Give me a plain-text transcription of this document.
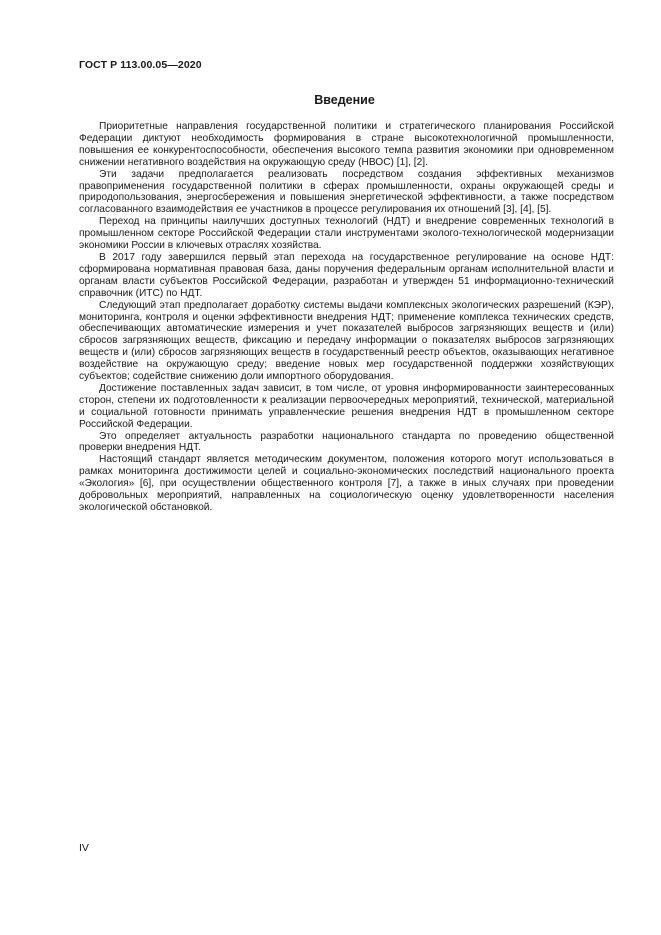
ГОСТ Р 113.00.05—2020
Введение

Приоритетные направления государственной политики и стратегического планирования Российской Федерации диктуют необходимость формирования в стране высокотехнологичной промышленности, повышения ее конкурентоспособности, обеспечения высокого темпа развития экономики при одновременном снижении негативного воздействия на окружающую среду (НВОС) [1], [2].

Эти задачи предполагается реализовать посредством создания эффективных механизмов правоприменения государственной политики в сферах промышленности, охраны окружающей среды и природопользования, энергосбережения и повышения энергетической эффективности, а также посредством согласованного взаимодействия ее участников в процессе регулирования их отношений [3], [4], [5].

Переход на принципы наилучших доступных технологий (НДТ) и внедрение современных технологий в промышленном секторе Российской Федерации стали инструментами эколого-технологической модернизации экономики России в ключевых отраслях хозяйства.

В 2017 году завершился первый этап перехода на государственное регулирование на основе НДТ: сформирована нормативная правовая база, даны поручения федеральным органам исполнительной власти и органам власти субъектов Российской Федерации, разработан и утвержден 51 информационно-технический справочник (ИТС) по НДТ.

Следующий этап предполагает доработку системы выдачи комплексных экологических разрешений (КЭР), мониторинга, контроля и оценки эффективности внедрения НДТ; применение комплекса технических средств, обеспечивающих автоматические измерения и учет показателей выбросов загрязняющих веществ и (или) сбросов загрязняющих веществ, фиксацию и передачу информации о показателях выбросов загрязняющих веществ и (или) сбросов загрязняющих веществ в государственный реестр объектов, оказывающих негативное воздействие на окружающую среду; введение новых мер государственной поддержки хозяйствующих субъектов; содействие снижению доли импортного оборудования.

Достижение поставленных задач зависит, в том числе, от уровня информированности заинтересованных сторон, степени их подготовленности к реализации первоочередных мероприятий, технической, материальной и социальной готовности принимать управленческие решения внедрения НДТ в промышленном секторе Российской Федерации.

Это определяет актуальность разработки национального стандарта по проведению общественной проверки внедрения НДТ.

Настоящий стандарт является методическим документом, положения которого могут использоваться в рамках мониторинга достижимости целей и социально-экономических последствий национального проекта «Экология» [6], при осуществлении общественного контроля [7], а также в иных случаях при проведении добровольных мероприятий, направленных на социологическую оценку удовлетворенности населения экологической обстановкой.

IV
